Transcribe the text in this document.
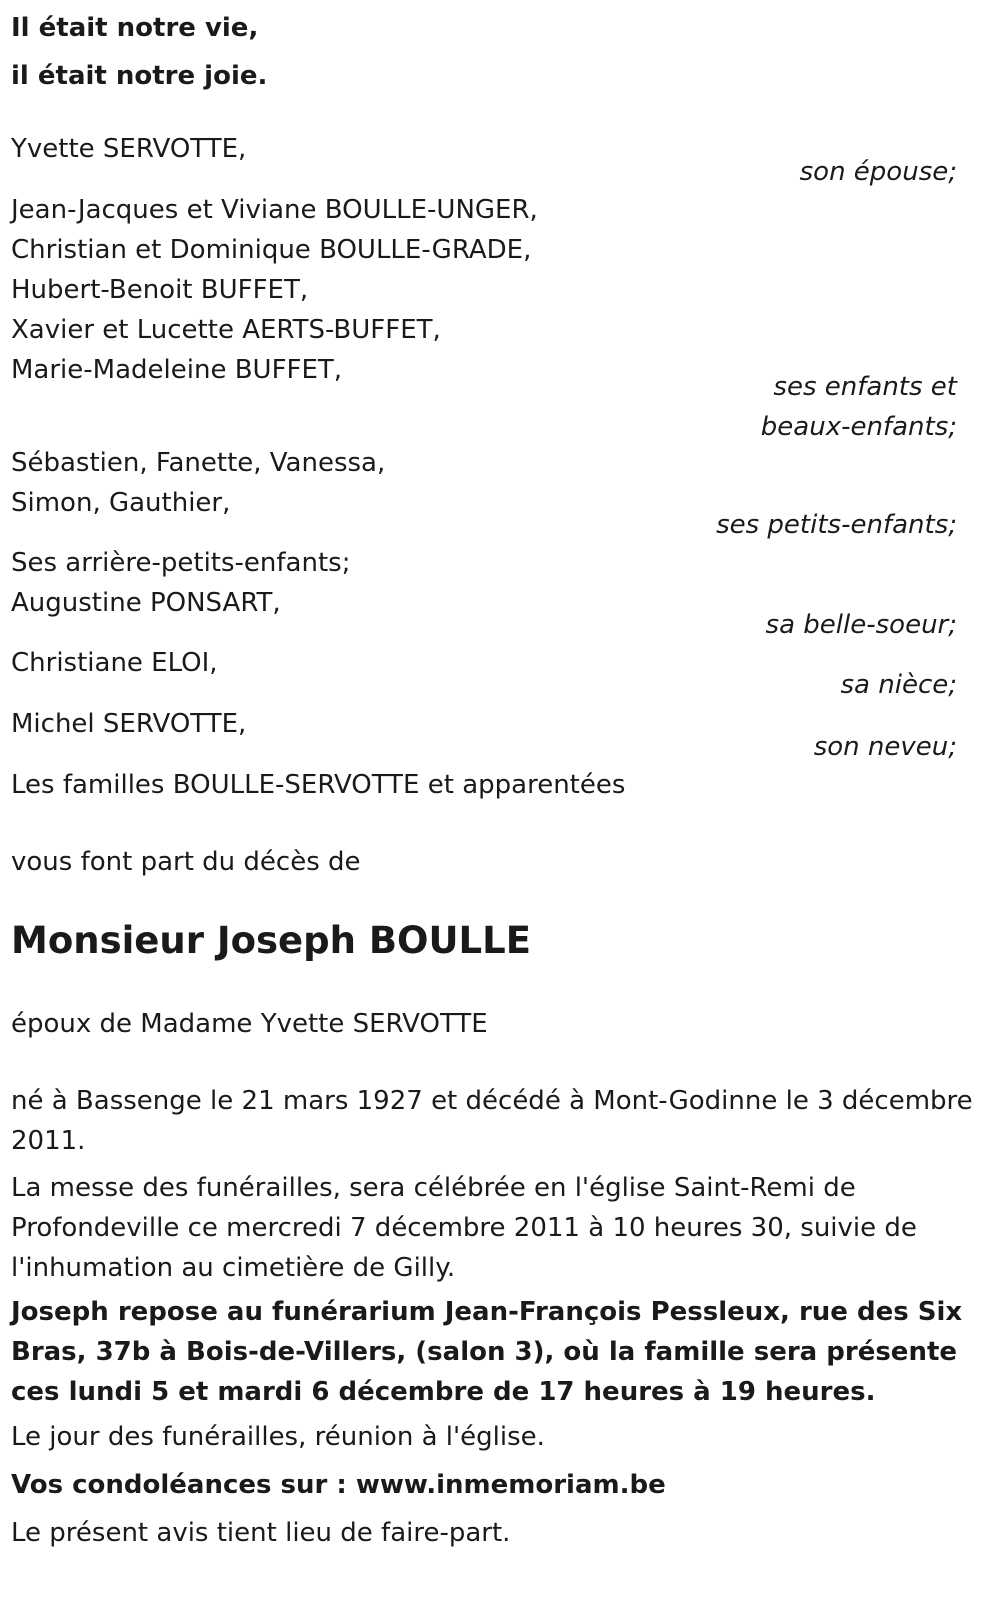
Il était notre vie,
il était notre joie.
Yvette SERVOTTE,
son épouse;
Jean-Jacques et Viviane BOULLE-UNGER,
Christian et Dominique BOULLE-GRADE,
Hubert-Benoit BUFFET,
Xavier et Lucette AERTS-BUFFET,
Marie-Madeleine BUFFET,
ses enfants et
beaux-enfants;
Sébastien, Fanette, Vanessa,
Simon, Gauthier,
ses petits-enfants;
Ses arrière-petits-enfants;
Augustine PONSART,
sa belle-soeur;
Christiane ELOI,
sa nièce;
Michel SERVOTTE,
son neveu;
Les familles BOULLE-SERVOTTE et apparentées

vous font part du décès de

Monsieur Joseph BOULLE

époux de Madame Yvette SERVOTTE

né à Bassenge le 21 mars 1927 et décédé à Mont-Godinne le 3 décembre 2011.

La messe des funérailles, sera célébrée en l'église Saint-Remi de Profondeville ce mercredi 7 décembre 2011 à 10 heures 30, suivie de l'inhumation au cimetière de Gilly.

Joseph repose au funérarium Jean-François Pessleux, rue des Six Bras, 37b à Bois-de-Villers, (salon 3), où la famille sera présente ces lundi 5 et mardi 6 décembre de 17 heures à 19 heures.

Le jour des funérailles, réunion à l'église.

Vos condoléances sur : www.inmemoriam.be

Le présent avis tient lieu de faire-part.
